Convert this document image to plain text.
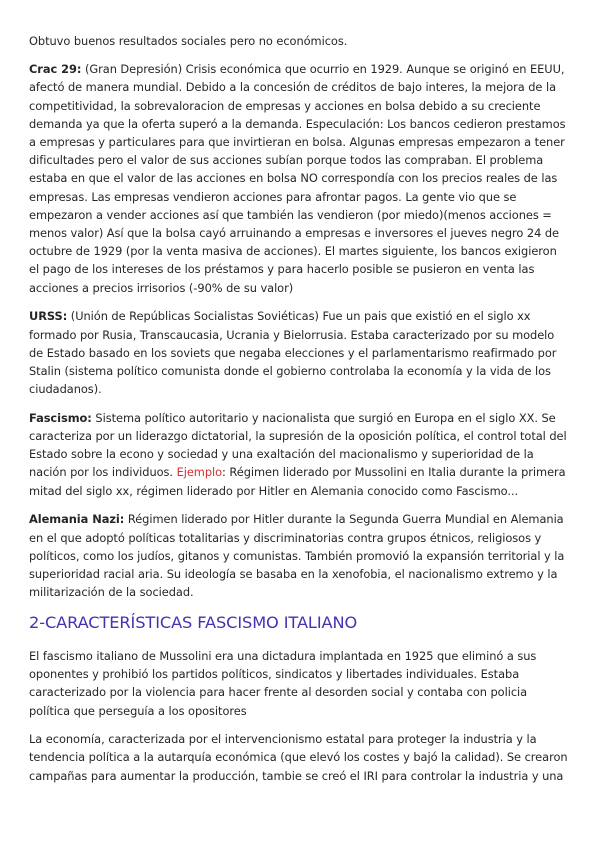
Obtuvo buenos resultados sociales pero no económicos.

Crac 29: (Gran Depresión) Crisis económica que ocurrio en 1929. Aunque se originó en EEUU, afectó de manera mundial. Debido a la concesión de créditos de bajo interes, la mejora de la competitividad, la sobrevaloracion de empresas y acciones en bolsa debido a su creciente demanda ya que la oferta superó a la demanda. Especulación: Los bancos cedieron prestamos a empresas y particulares para que invirtieran en bolsa. Algunas empresas empezaron a tener dificultades pero el valor de sus acciones subían porque todos las compraban. El problema estaba en que el valor de las acciones en bolsa NO correspondía con los precios reales de las empresas. Las empresas vendieron acciones para afrontar pagos. La gente vio que se empezaron a vender acciones así que también las vendieron (por miedo)(menos acciones = menos valor) Así que la bolsa cayó arruinando a empresas e inversores el jueves negro 24 de octubre de 1929 (por la venta masiva de acciones). El martes siguiente, los bancos exigieron el pago de los intereses de los préstamos y para hacerlo posible se pusieron en venta las acciones a precios irrisorios (-90% de su valor)

URSS: (Unión de Repúblicas Socialistas Soviéticas) Fue un pais que existió en el siglo xx formado por Rusia, Transcaucasia, Ucrania y Bielorrusia. Estaba caracterizado por su modelo de Estado basado en los soviets que negaba elecciones y el parlamentarismo reafirmado por Stalin (sistema político comunista donde el gobierno controlaba la economía y la vida de los ciudadanos).

Fascismo: Sistema político autoritario y nacionalista que surgió en Europa en el siglo XX. Se caracteriza por un liderazgo dictatorial, la supresión de la oposición política, el control total del Estado sobre la econo y sociedad y una exaltación del macionalismo y superioridad de la nación por los individuos. Ejemplo: Régimen liderado por Mussolini en Italia durante la primera mitad del siglo xx, régimen liderado por Hitler en Alemania conocido como Fascismo...

Alemania Nazi: Régimen liderado por Hitler durante la Segunda Guerra Mundial en Alemania en el que adoptó políticas totalitarias y discriminatorias contra grupos étnicos, religiosos y políticos, como los judíos, gitanos y comunistas. También promovió la expansión territorial y la superioridad racial aria. Su ideología se basaba en la xenofobia, el nacionalismo extremo y la militarización de la sociedad.

2-CARACTERÍSTICAS FASCISMO ITALIANO

El fascismo italiano de Mussolini era una dictadura implantada en 1925 que eliminó a sus oponentes y prohibió los partidos políticos, sindicatos y libertades individuales. Estaba caracterizado por la violencia para hacer frente al desorden social y contaba con policia política que perseguía a los opositores

La economía, caracterizada por el intervencionismo estatal para proteger la industria y la tendencia política a la autarquía económica (que elevó los costes y bajó la calidad). Se crearon campañas para aumentar la producción, tambie se creó el IRI para controlar la industria y una
